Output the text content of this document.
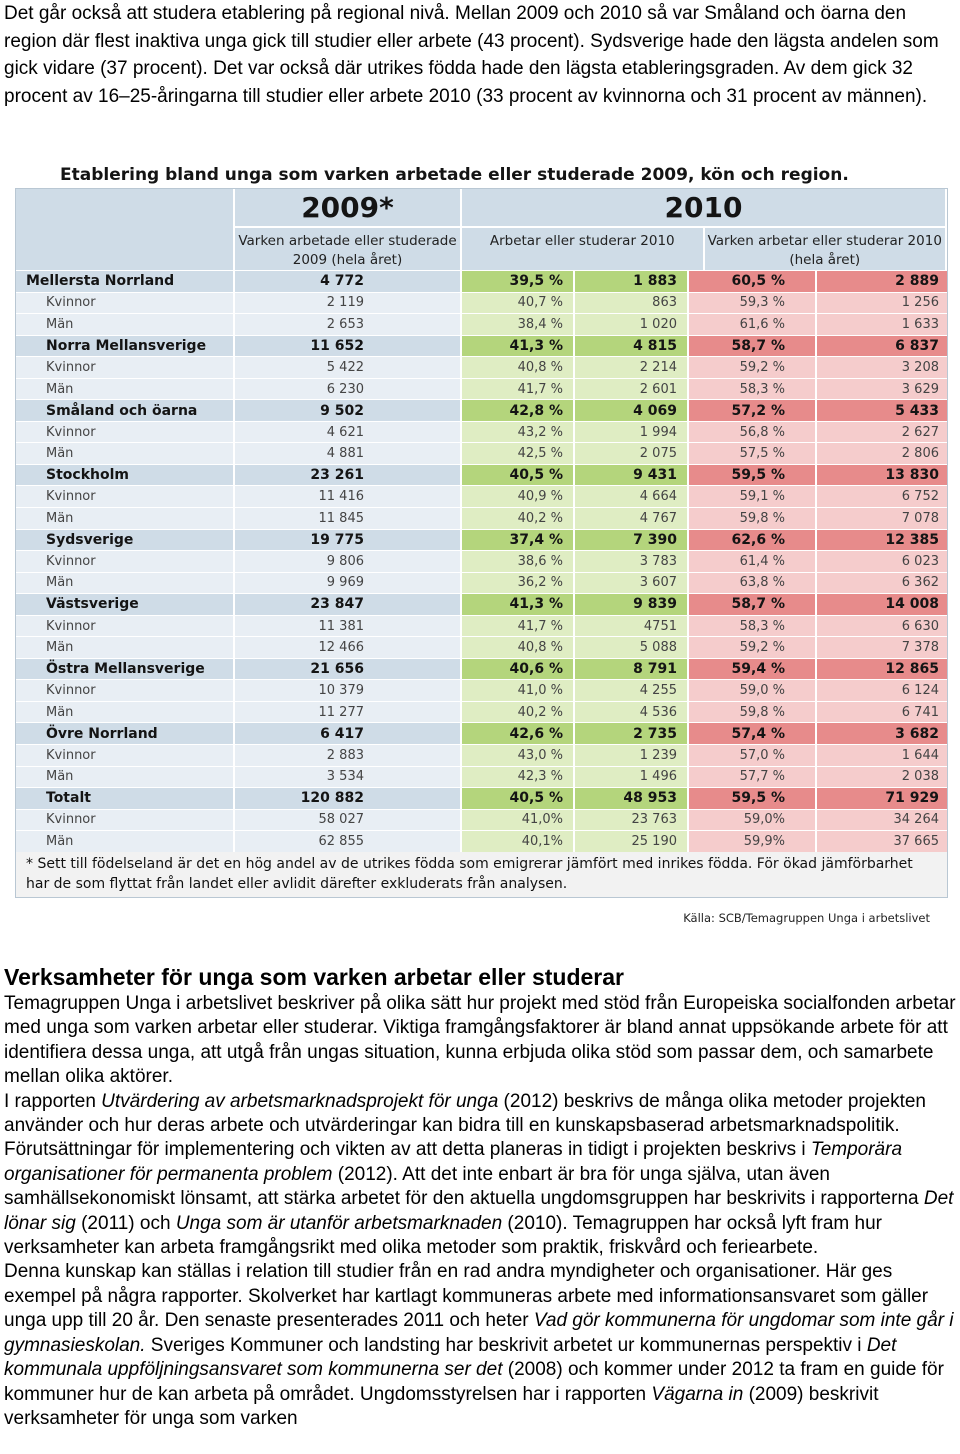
Det går också att studera etablering på regional nivå. Mellan 2009 och 2010 så var Småland och öarna den region där flest inaktiva unga gick till studier eller arbete (43 procent). Sydsverige hade den lägsta andelen som gick vidare (37 procent). Det var också där utrikes födda hade den lägsta etableringsgraden. Av dem gick 32 procent av 16–25-åringarna till studier eller arbete 2010 (33 procent av kvinnorna och 31 procent av männen).

Etablering bland unga som varken arbetade eller studerade 2009, kön och region.
2009*
Varken arbetade eller studerade 2009 (hela året)
2010
Arbetar eller studerar 2010	Varken arbetar eller studerar 2010 (hela året)
Mellersta Norrland	4 772	39,5 %	1 883	60,5 %	2 889
Kvinnor	2 119	40,7 %	863	59,3 %	1 256
Män	2 653	38,4 %	1 020	61,6 %	1 633
Norra Mellansverige	11 652	41,3 %	4 815	58,7 %	6 837
Kvinnor	5 422	40,8 %	2 214	59,2 %	3 208
Män	6 230	41,7 %	2 601	58,3 %	3 629
Småland och öarna	9 502	42,8 %	4 069	57,2 %	5 433
Kvinnor	4 621	43,2 %	1 994	56,8 %	2 627
Män	4 881	42,5 %	2 075	57,5 %	2 806
Stockholm	23 261	40,5 %	9 431	59,5 %	13 830
Kvinnor	11 416	40,9 %	4 664	59,1 %	6 752
Män	11 845	40,2 %	4 767	59,8 %	7 078
Sydsverige	19 775	37,4 %	7 390	62,6 %	12 385
Kvinnor	9 806	38,6 %	3 783	61,4 %	6 023
Män	9 969	36,2 %	3 607	63,8 %	6 362
Västsverige	23 847	41,3 %	9 839	58,7 %	14 008
Kvinnor	11 381	41,7 %	4751	58,3 %	6 630
Män	12 466	40,8 %	5 088	59,2 %	7 378
Östra Mellansverige	21 656	40,6 %	8 791	59,4 %	12 865
Kvinnor	10 379	41,0 %	4 255	59,0 %	6 124
Män	11 277	40,2 %	4 536	59,8 %	6 741
Övre Norrland	6 417	42,6 %	2 735	57,4 %	3 682
Kvinnor	2 883	43,0 %	1 239	57,0 %	1 644
Män	3 534	42,3 %	1 496	57,7 %	2 038
Totalt	120 882	40,5 %	48 953	59,5 %	71 929
Kvinnor	58 027	41,0%	23 763	59,0%	34 264
Män	62 855	40,1%	25 190	59,9%	37 665
* Sett till födelseland är det en hög andel av de utrikes födda som emigrerar jämfört med inrikes födda. För ökad jämförbarhet har de som flyttat från landet eller avlidit därefter exkluderats från analysen.
Källa: SCB/Temagruppen Unga i arbetslivet
Verksamheter för unga som varken arbetar eller studerar

Temagruppen Unga i arbetslivet beskriver på olika sätt hur projekt med stöd från Europeiska socialfonden arbetar med unga som varken arbetar eller studerar. Viktiga framgångsfaktorer är bland annat uppsökande arbete för att identifiera dessa unga, att utgå från ungas situation, kunna erbjuda olika stöd som passar dem, och samarbete mellan olika aktörer.

I rapporten Utvärdering av arbetsmarknadsprojekt för unga (2012) beskrivs de många olika metoder projekten använder och hur deras arbete och utvärderingar kan bidra till en kunskapsbaserad arbetsmarknadspolitik. Förutsättningar för implementering och vikten av att detta planeras in tidigt i projekten beskrivs i Temporära organisationer för permanenta problem (2012). Att det inte enbart är bra för unga själva, utan även samhällsekonomiskt lönsamt, att stärka arbetet för den aktuella ungdomsgruppen har beskrivits i rapporterna Det lönar sig (2011) och Unga som är utanför arbetsmarknaden (2010). Temagruppen har också lyft fram hur verksamheter kan arbeta framgångsrikt med olika metoder som praktik, friskvård och feriearbete.

Denna kunskap kan ställas i relation till studier från en rad andra myndigheter och organisationer. Här ges exempel på några rapporter. Skolverket har kartlagt kommuneras arbete med informationsansvaret som gäller unga upp till 20 år. Den senaste presenterades 2011 och heter Vad gör kommunerna för ungdomar som inte går i gymnasieskolan. Sveriges Kommuner och landsting har beskrivit arbetet ur kommunernas perspektiv i Det kommunala uppföljningsansvaret som kommunerna ser det (2008) och kommer under 2012 ta fram en guide för kommuner hur de kan arbeta på området. Ungdomsstyrelsen har i rapporten Vägarna in (2009) beskrivit verksamheter för unga som varken
